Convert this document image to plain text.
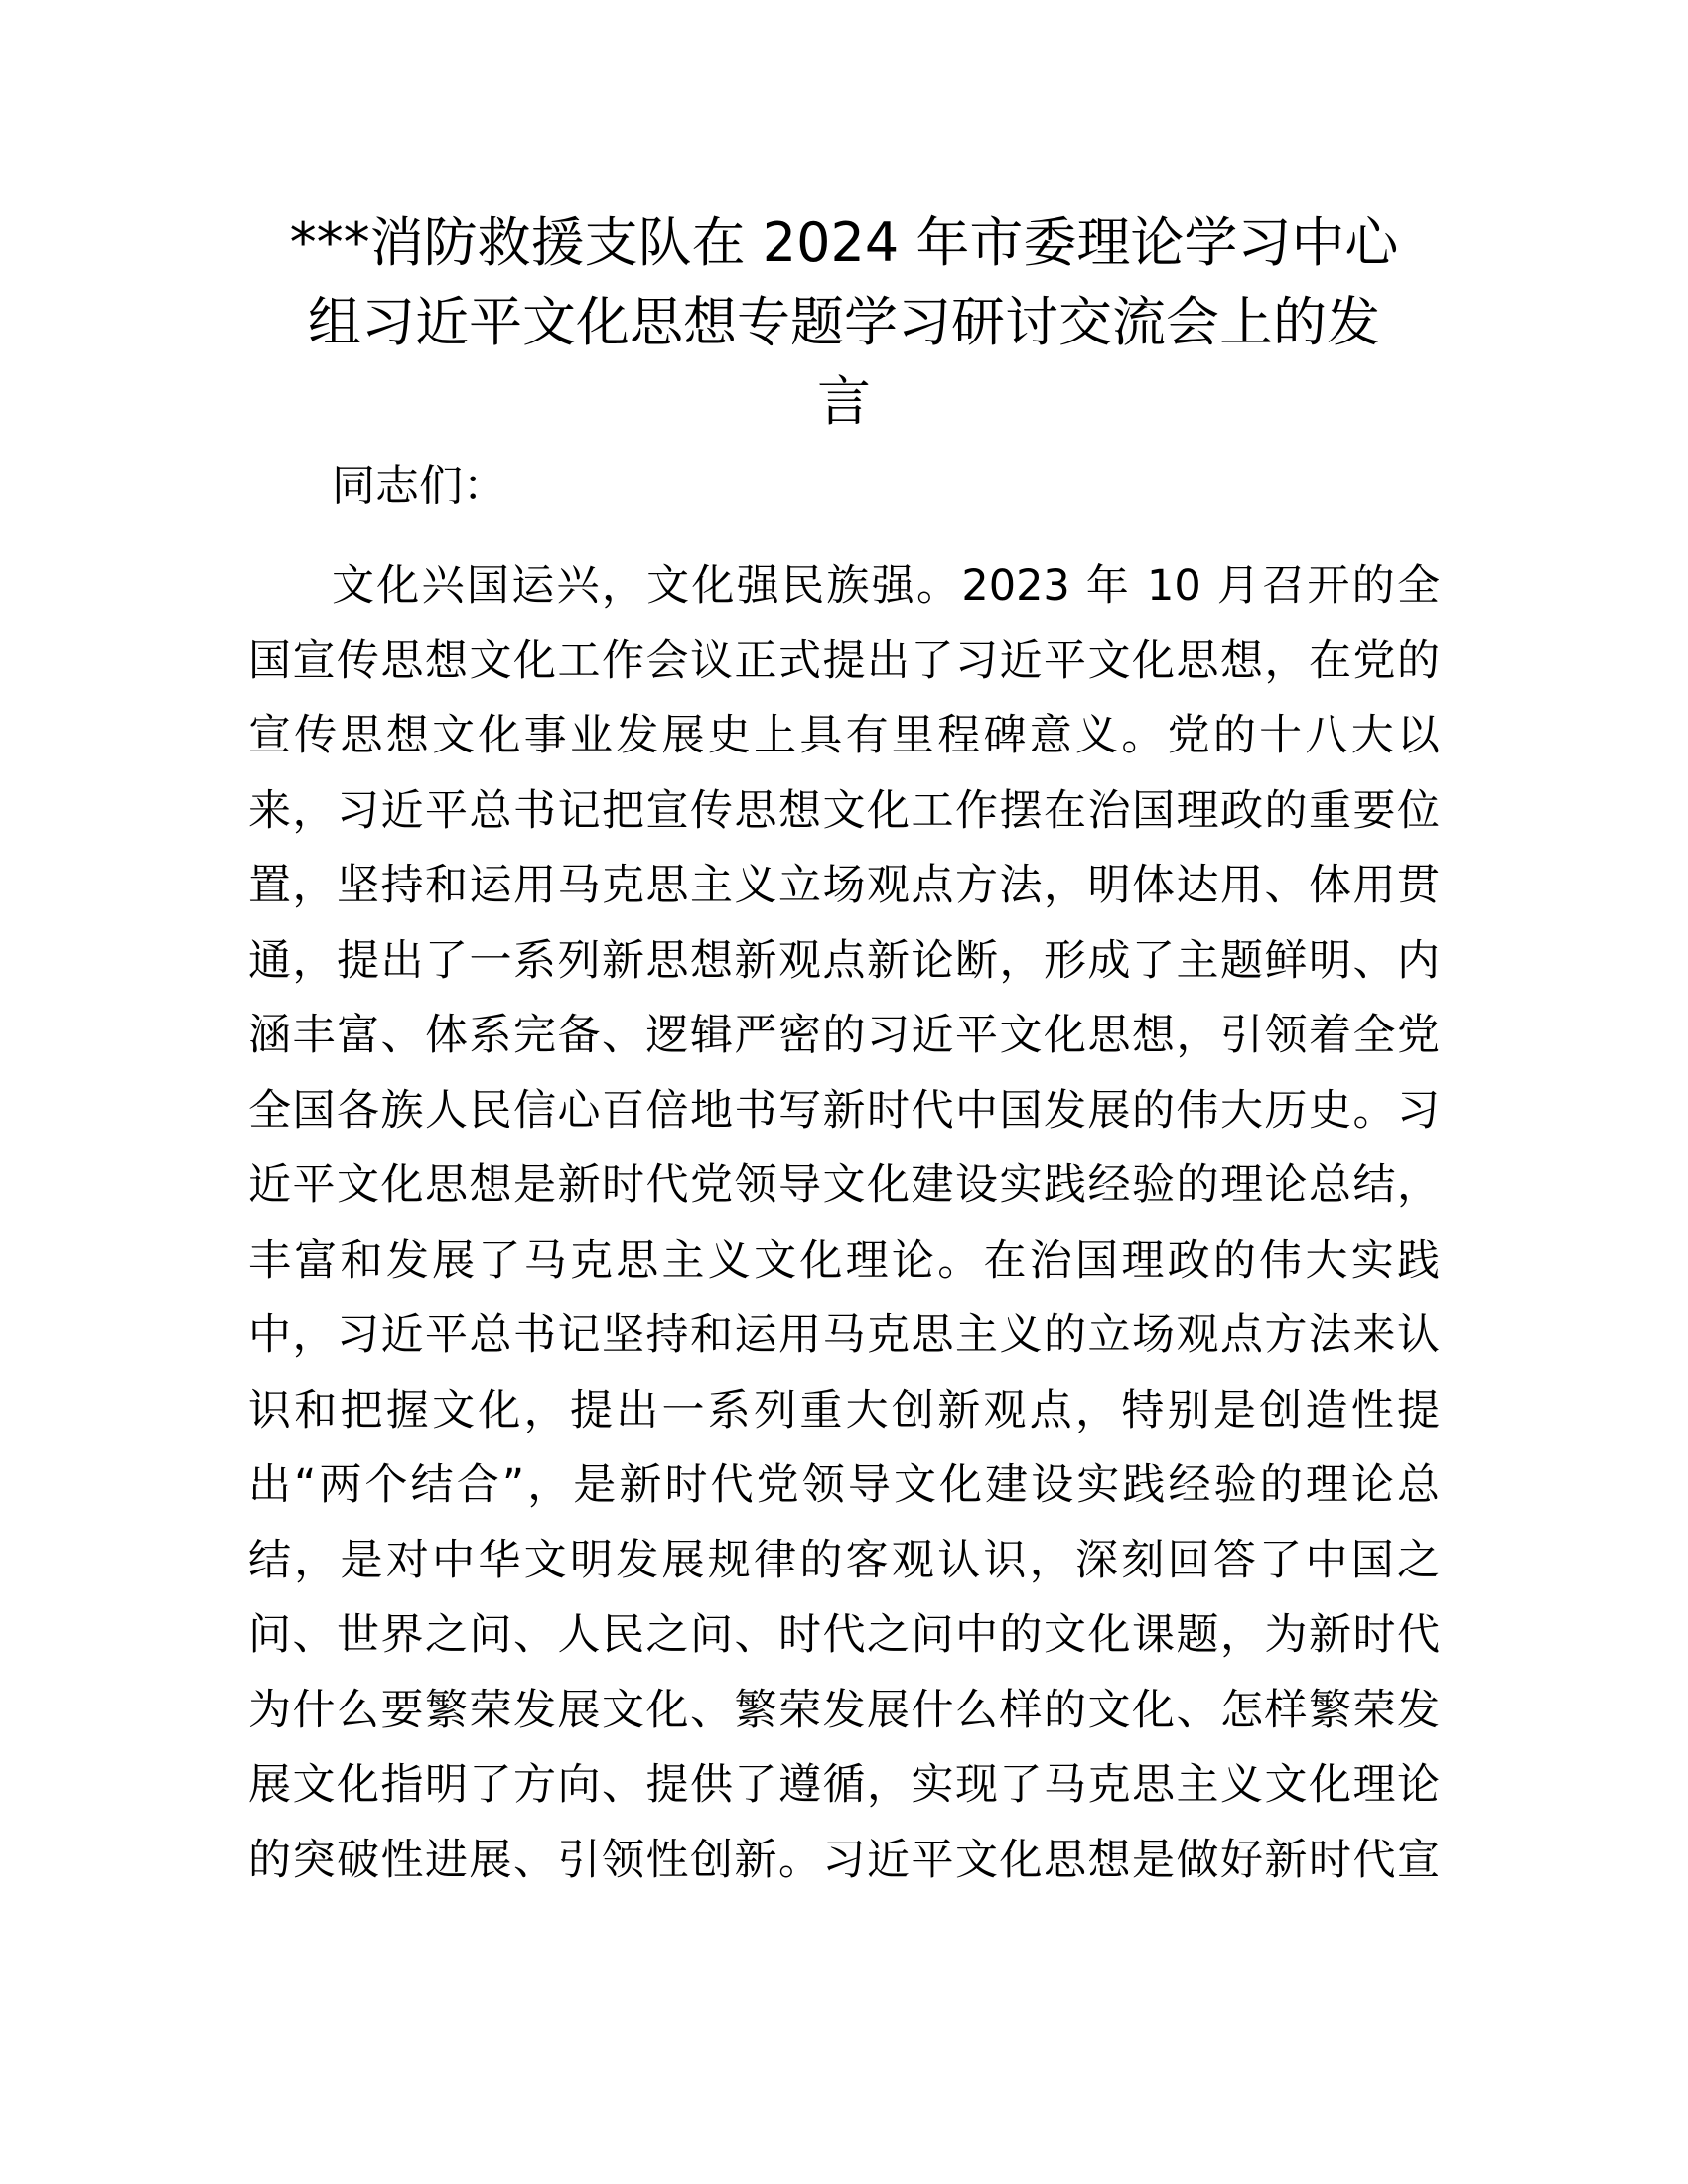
***消防救援支队在 2024 年市委理论学习中心
组习近平文化思想专题学习研讨交流会上的发
言

同志们：

文化兴国运兴，文化强民族强。2023 年 10 月召开的全
国宣传思想文化工作会议正式提出了习近平文化思想，在党的
宣传思想文化事业发展史上具有里程碑意义。党的十八大以
来，习近平总书记把宣传思想文化工作摆在治国理政的重要位
置，坚持和运用马克思主义立场观点方法，明体达用、体用贯
通，提出了一系列新思想新观点新论断，形成了主题鲜明、内
涵丰富、体系完备、逻辑严密的习近平文化思想，引领着全党
全国各族人民信心百倍地书写新时代中国发展的伟大历史。习
近平文化思想是新时代党领导文化建设实践经验的理论总结，
丰富和发展了马克思主义文化理论。在治国理政的伟大实践
中，习近平总书记坚持和运用马克思主义的立场观点方法来认
识和把握文化，提出一系列重大创新观点，特别是创造性提
出“两个结合”，是新时代党领导文化建设实践经验的理论总
结，是对中华文明发展规律的客观认识，深刻回答了中国之
问、世界之问、人民之问、时代之问中的文化课题，为新时代
为什么要繁荣发展文化、繁荣发展什么样的文化、怎样繁荣发
展文化指明了方向、提供了遵循，实现了马克思主义文化理论
的突破性进展、引领性创新。习近平文化思想是做好新时代宣
